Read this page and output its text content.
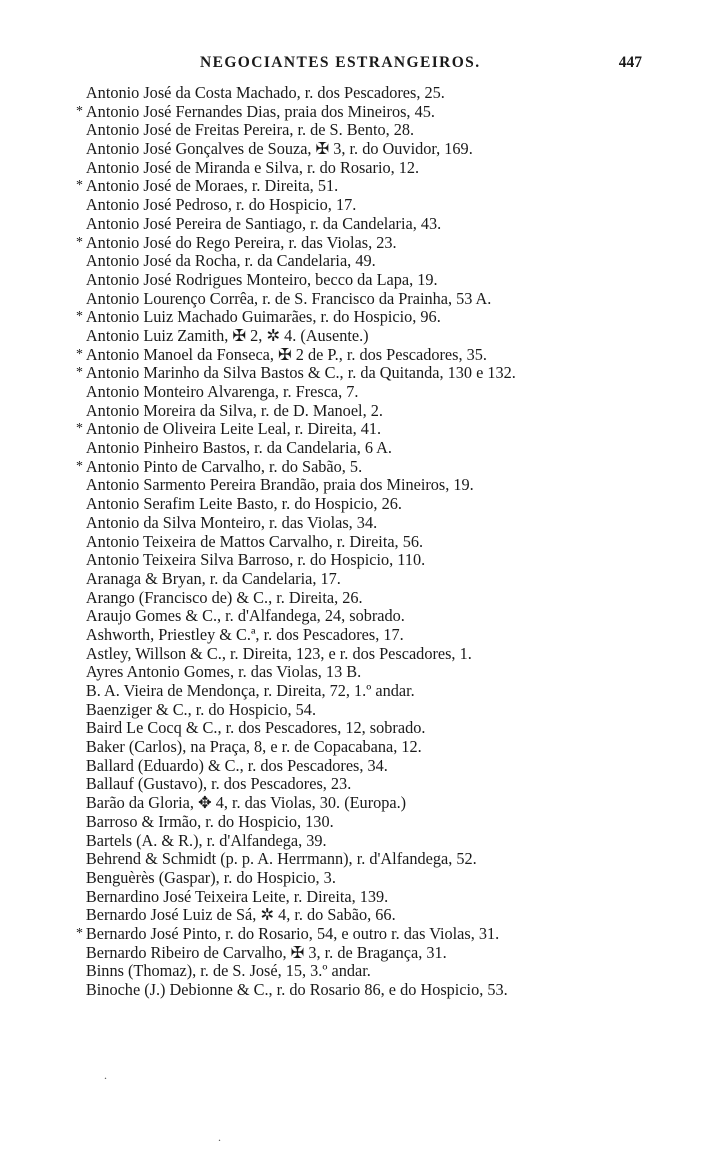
NEGOCIANTES ESTRANGEIROS.	447
Antonio José da Costa Machado, r. dos Pescadores, 25.
* Antonio José Fernandes Dias, praia dos Mineiros, 45.
Antonio José de Freitas Pereira, r. de S. Bento, 28.
Antonio José Gonçalves de Souza, ✠ 3, r. do Ouvidor, 169.
Antonio José de Miranda e Silva, r. do Rosario, 12.
* Antonio José de Moraes, r. Direita, 51.
Antonio José Pedroso, r. do Hospicio, 17.
Antonio José Pereira de Santiago, r. da Candelaria, 43.
* Antonio José do Rego Pereira, r. das Violas, 23.
Antonio José da Rocha, r. da Candelaria, 49.
Antonio José Rodrigues Monteiro, becco da Lapa, 19.
Antonio Lourenço Corrêa, r. de S. Francisco da Prainha, 53 A.
* Antonio Luiz Machado Guimarães, r. do Hospicio, 96.
Antonio Luiz Zamith, ✠ 2, ✲ 4. (Ausente.)
* Antonio Manoel da Fonseca, ✠ 2 de P., r. dos Pescadores, 35.
* Antonio Marinho da Silva Bastos & C., r. da Quitanda, 130 e 132.
Antonio Monteiro Alvarenga, r. Fresca, 7.
Antonio Moreira da Silva, r. de D. Manoel, 2.
* Antonio de Oliveira Leite Leal, r. Direita, 41.
Antonio Pinheiro Bastos, r. da Candelaria, 6 A.
* Antonio Pinto de Carvalho, r. do Sabão, 5.
Antonio Sarmento Pereira Brandão, praia dos Mineiros, 19.
Antonio Serafim Leite Basto, r. do Hospicio, 26.
Antonio da Silva Monteiro, r. das Violas, 34.
Antonio Teixeira de Mattos Carvalho, r. Direita, 56.
Antonio Teixeira Silva Barroso, r. do Hospicio, 110.
Aranaga & Bryan, r. da Candelaria, 17.
Arango (Francisco de) & C., r. Direita, 26.
Araujo Gomes & C., r. d'Alfandega, 24, sobrado.
Ashworth, Priestley & C.ª, r. dos Pescadores, 17.
Astley, Willson & C., r. Direita, 123, e r. dos Pescadores, 1.
Ayres Antonio Gomes, r. das Violas, 13 B.
B. A. Vieira de Mendonça, r. Direita, 72, 1.º andar.
Baenziger & C., r. do Hospicio, 54.
Baird Le Cocq & C., r. dos Pescadores, 12, sobrado.
Baker (Carlos), na Praça, 8, e r. de Copacabana, 12.
Ballard (Eduardo) & C., r. dos Pescadores, 34.
Ballauf (Gustavo), r. dos Pescadores, 23.
Barão da Gloria, ✥ 4, r. das Violas, 30. (Europa.)
Barroso & Irmão, r. do Hospicio, 130.
Bartels (A. & R.), r. d'Alfandega, 39.
Behrend & Schmidt (p. p. A. Herrmann), r. d'Alfandega, 52.
Benguèrès (Gaspar), r. do Hospicio, 3.
Bernardino José Teixeira Leite, r. Direita, 139.
Bernardo José Luiz de Sá, ✲ 4, r. do Sabão, 66.
* Bernardo José Pinto, r. do Rosario, 54, e outro r. das Violas, 31.
Bernardo Ribeiro de Carvalho, ✠ 3, r. de Bragança, 31.
Binns (Thomaz), r. de S. José, 15, 3.º andar.
Binoche (J.) Debionne & C., r. do Rosario 86, e do Hospicio, 53.
.
.
